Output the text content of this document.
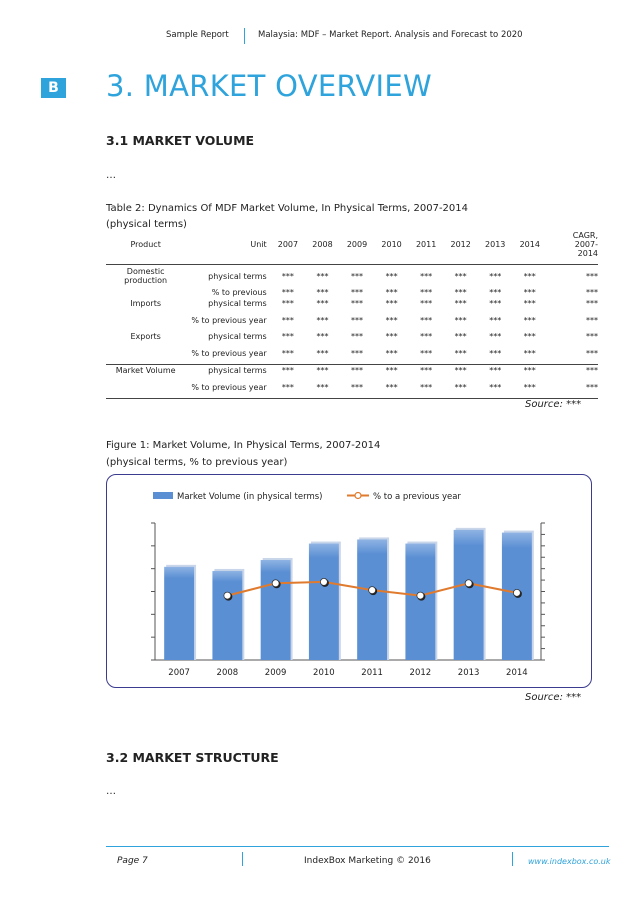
Sample Report	Malaysia: MDF – Market Report. Analysis and Forecast to 2020
B 3. MARKET OVERVIEW
3.1 MARKET VOLUME
…
Table 2: Dynamics Of MDF Market Volume, In Physical Terms, 2007-2014
(physical terms)
Product	Unit	2007	2008	2009	2010	2011	2012	2013	2014	CAGR, 2007-2014
Domestic production	physical terms	***	***	***	***	***	***	***	***	***
	% to previous	***	***	***	***	***	***	***	***	***
Imports	physical terms	***	***	***	***	***	***	***	***	***
	% to previous year	***	***	***	***	***	***	***	***	***
Exports	physical terms	***	***	***	***	***	***	***	***	***
	% to previous year	***	***	***	***	***	***	***	***	***
Market Volume	physical terms	***	***	***	***	***	***	***	***	***
	% to previous year	***	***	***	***	***	***	***	***	***
Source: ***
Figure 1: Market Volume, In Physical Terms, 2007-2014
(physical terms, % to previous year)
Market Volume (in physical terms)	% to a previous year
2007	2008	2009	2010	2011	2012	2013	2014
Source: ***
3.2 MARKET STRUCTURE
…
Page 7	IndexBox Marketing © 2016	www.indexbox.co.uk
